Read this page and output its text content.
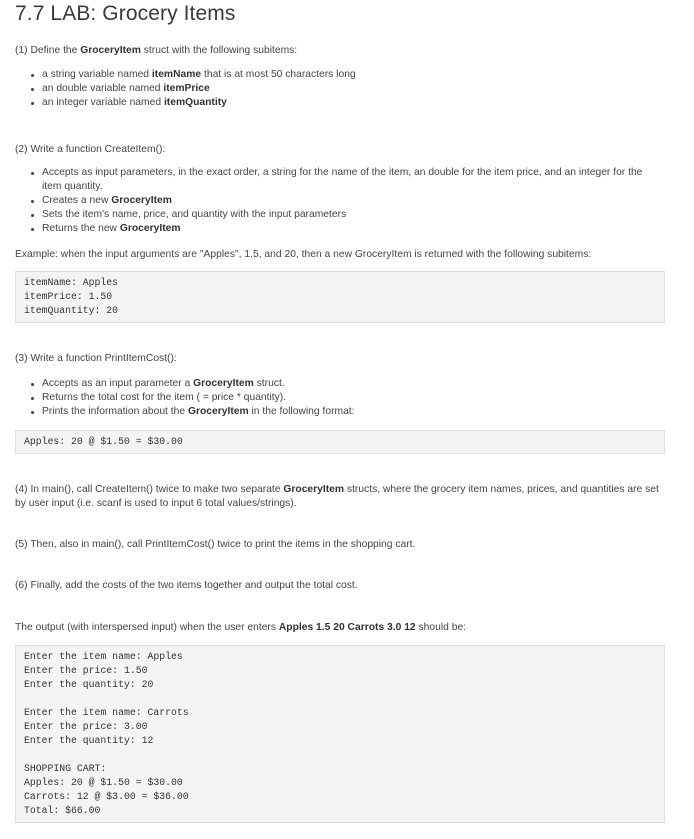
7.7 LAB: Grocery Items

(1) Define the GroceryItem struct with the following subitems:

a string variable named itemName that is at most 50 characters long
an double variable named itemPrice
an integer variable named itemQuantity

(2) Write a function CreateItem():

Accepts as input parameters, in the exact order, a string for the name of the item, an double for the item price, and an integer for the item quantity.
Creates a new GroceryItem
Sets the item's name, price, and quantity with the input parameters
Returns the new GroceryItem

Example: when the input arguments are "Apples", 1.5, and 20, then a new GroceryItem is returned with the following subitems:

itemName: Apples
itemPrice: 1.50
itemQuantity: 20

(3) Write a function PrintItemCost():

Accepts as an input parameter a GroceryItem struct.
Returns the total cost for the item ( = price * quantity).
Prints the information about the GroceryItem in the following format:
Apples: 20 @ $1.50 = $30.00

(4) In main(), call CreateItem() twice to make two separate GroceryItem structs, where the grocery item names, prices, and quantities are set by user input (i.e. scanf is used to input 6 total values/strings).

(5) Then, also in main(), call PrintItemCost() twice to print the items in the shopping cart.

(6) Finally, add the costs of the two items together and output the total cost.

The output (with interspersed input) when the user enters Apples 1.5 20 Carrots 3.0 12 should be:

Enter the item name: Apples
Enter the price: 1.50
Enter the quantity: 20

Enter the item name: Carrots
Enter the price: 3.00
Enter the quantity: 12

SHOPPING CART:
Apples: 20 @ $1.50 = $30.00
Carrots: 12 @ $3.00 = $36.00
Total: $66.00
